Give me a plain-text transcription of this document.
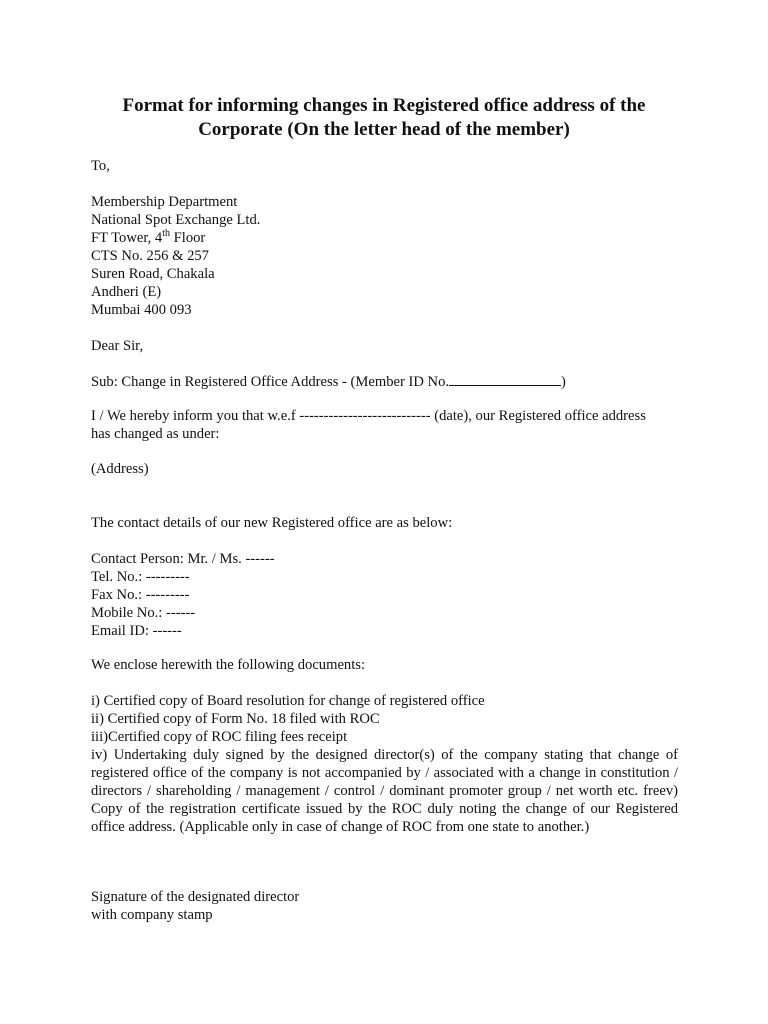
Format for informing changes in Registered office address of the
Corporate (On the letter head of the member)

To,

Membership Department
National Spot Exchange Ltd.
FT Tower, 4th Floor
CTS No. 256 & 257
Suren Road, Chakala
Andheri (E)
Mumbai 400 093

Dear Sir,

Sub: Change in Registered Office Address - (Member ID No.	)

I / We hereby inform you that w.e.f --------------------------- (date), our Registered office address
has changed as under:

(Address)

The contact details of our new Registered office are as below:

Contact Person: Mr. / Ms. ------
Tel. No.: ---------
Fax No.: ---------
Mobile No.: ------
Email ID: ------

We enclose herewith the following documents:

i) Certified copy of Board resolution for change of registered office
ii) Certified copy of Form No. 18 filed with ROC
iii)Certified copy of ROC filing fees receipt
iv) Undertaking duly signed by the designed director(s) of the company stating that change of registered office of the company is not accompanied by / associated with a change in constitution / directors / shareholding / management / control / dominant promoter group / net worth etc. freev) Copy of the registration certificate issued by the ROC duly noting the change of our Registered office address. (Applicable only in case of change of ROC from one state to another.)
Signature of the designated director
with company stamp
